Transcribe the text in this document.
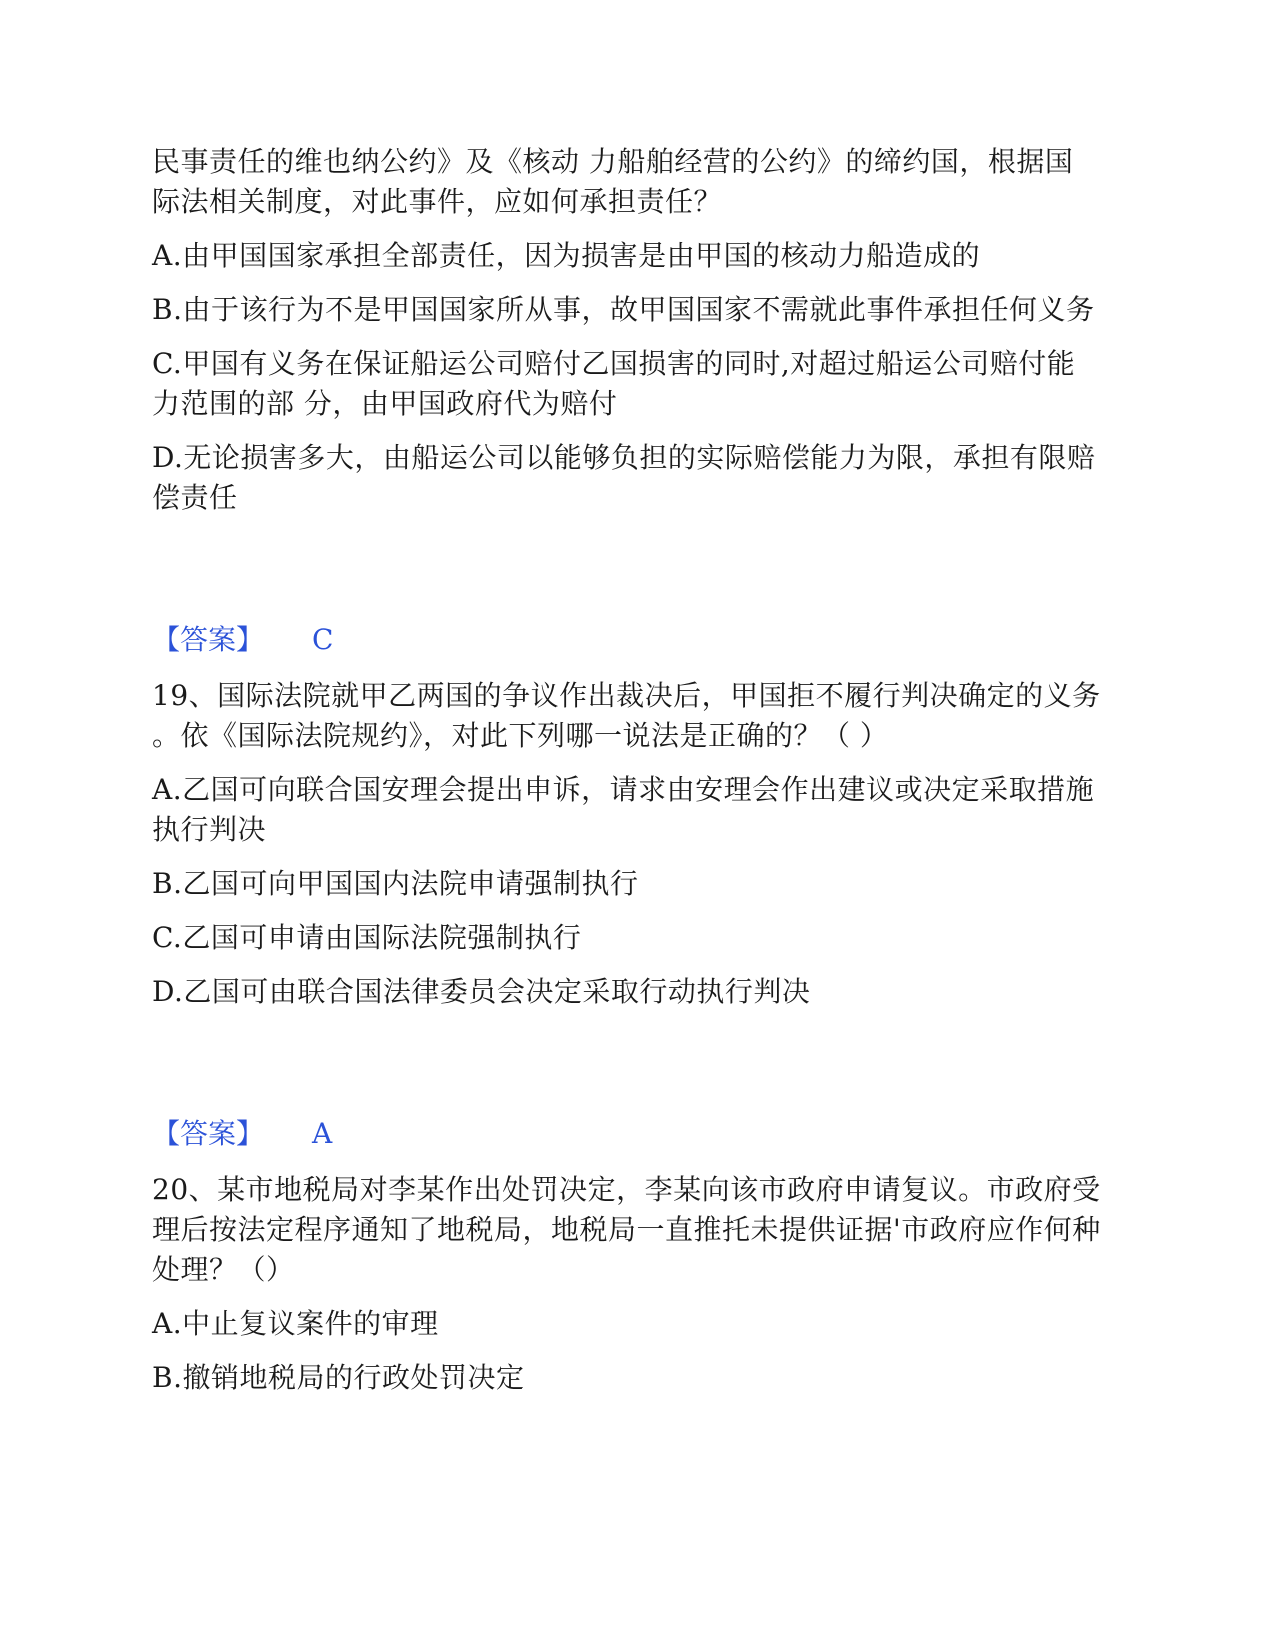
民事责任的维也纳公约》及《核动 力船舶经营的公约》的缔约国，根据国
际法相关制度，对此事件，应如何承担责任？
A.由甲国国家承担全部责任，因为损害是由甲国的核动力船造成的
B.由于该行为不是甲国国家所从事，故甲国国家不需就此事件承担任何义务
C.甲国有义务在保证船运公司赔付乙国损害的同时,对超过船运公司赔付能
力范围的部 分，由甲国政府代为赔付
D.无论损害多大，由船运公司以能够负担的实际赔偿能力为限，承担有限赔
偿责任
【答案】 C
19、国际法院就甲乙两国的争议作出裁决后，甲国拒不履行判决确定的义务
。依《国际法院规约》，对此下列哪一说法是正确的？（ ）
A.乙国可向联合国安理会提出申诉，请求由安理会作出建议或决定采取措施
执行判决
B.乙国可向甲国国内法院申请强制执行
C.乙国可申请由国际法院强制执行
D.乙国可由联合国法律委员会决定采取行动执行判决
【答案】 A
20、某市地税局对李某作出处罚决定，李某向该市政府申请复议。市政府受
理后按法定程序通知了地税局，地税局一直推托未提供证据'市政府应作何种
处理？（）
A.中止复议案件的审理
B.撤销地税局的行政处罚决定
